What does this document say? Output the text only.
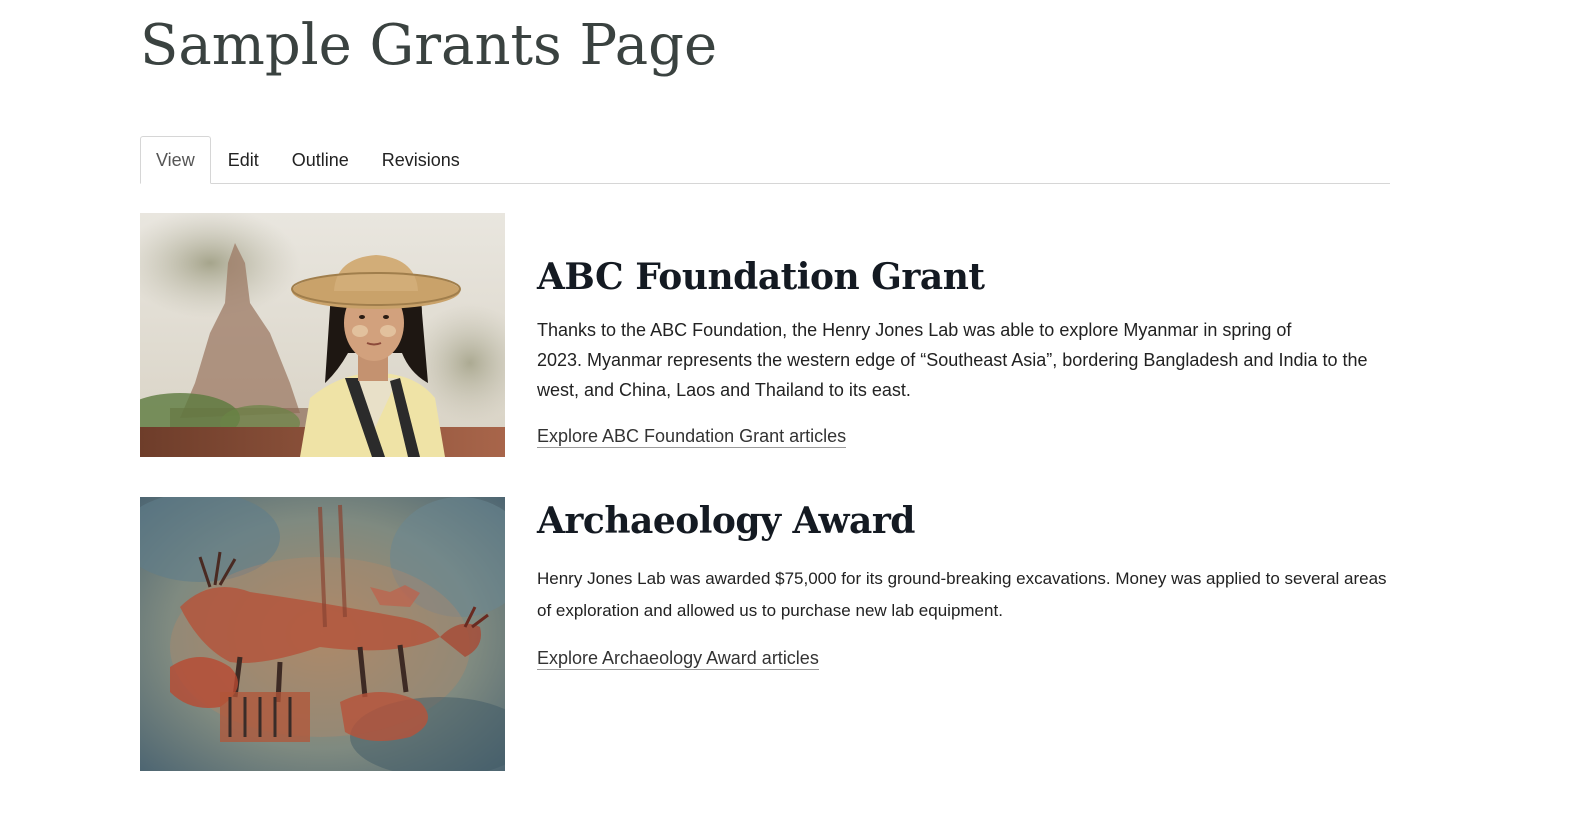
Sample Grants Page
View	Edit	Outline	Revisions
ABC Foundation Grant

Thanks to the ABC Foundation, the Henry Jones Lab was able to explore Myanmar in spring of
2023. Myanmar represents the western edge of “Southeast Asia”, bordering Bangladesh and India to the west, and China, Laos and Thailand to its east.

Explore ABC Foundation Grant articles
Archaeology Award

Henry Jones Lab was awarded $75,000 for its ground-breaking excavations. Money was applied to several areas of exploration and allowed us to purchase new lab equipment.

Explore Archaeology Award articles
